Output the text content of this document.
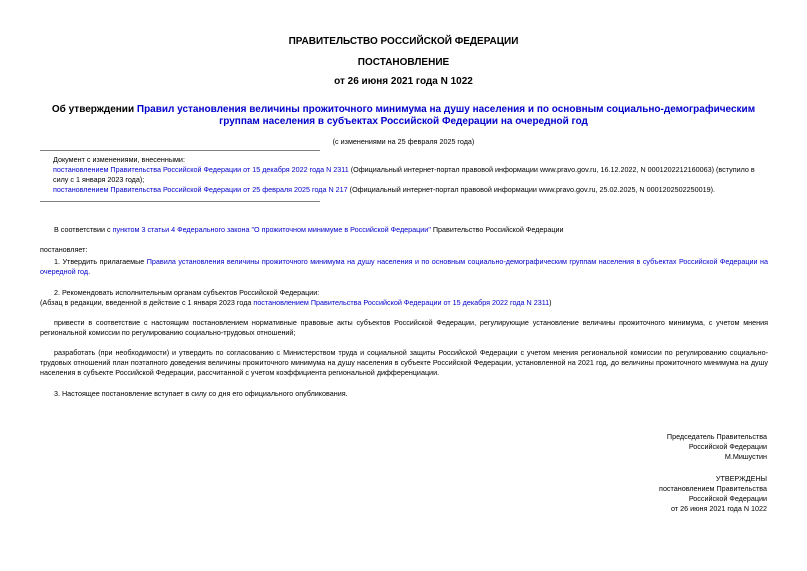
ПРАВИТЕЛЬСТВО РОССИЙСКОЙ ФЕДЕРАЦИИ
ПОСТАНОВЛЕНИЕ
от 26 июня 2021 года N 1022
Об утверждении Правил установления величины прожиточного минимума на душу населения и по основным социально-демографическим группам населения в субъектах Российской Федерации на очередной год
(с изменениями на 25 февраля 2025 года)

Документ с изменениями, внесенными:

постановлением Правительства Российской Федерации от 15 декабря 2022 года N 2311 (Официальный интернет-портал правовой информации www.pravo.gov.ru, 16.12.2022, N 0001202212160063) (вступило в силу с 1 января 2023 года);

постановлением Правительства Российской Федерации от 25 февраля 2025 года N 217 (Официальный интернет-портал правовой информации www.pravo.gov.ru, 25.02.2025, N 0001202502250019).

В соответствии с пунктом 3 статьи 4 Федерального закона "О прожиточном минимуме в Российской Федерации" Правительство Российской Федерации

постановляет:

1. Утвердить прилагаемые Правила установления величины прожиточного минимума на душу населения и по основным социально-демографическим группам населения в субъектах Российской Федерации на очередной год.

2. Рекомендовать исполнительным органам субъектов Российской Федерации:

(Абзац в редакции, введенной в действие с 1 января 2023 года постановлением Правительства Российской Федерации от 15 декабря 2022 года N 2311)

привести в соответствие с настоящим постановлением нормативные правовые акты субъектов Российской Федерации, регулирующие установление величины прожиточного минимума, с учетом мнения региональной комиссии по регулированию социально-трудовых отношений;

разработать (при необходимости) и утвердить по согласованию с Министерством труда и социальной защиты Российской Федерации с учетом мнения региональной комиссии по регулированию социально-трудовых отношений план поэтапного доведения величины прожиточного минимума на душу населения в субъекте Российской Федерации, установленной на 2021 год, до величины прожиточного минимума на душу населения в субъекте Российской Федерации, рассчитанной с учетом коэффициента региональной дифференциации.

3. Настоящее постановление вступает в силу со дня его официального опубликования.

Председатель Правительства
Российской Федерации
М.Мишустин
УТВЕРЖДЕНЫ
постановлением Правительства
Российской Федерации
от 26 июня 2021 года N 1022
